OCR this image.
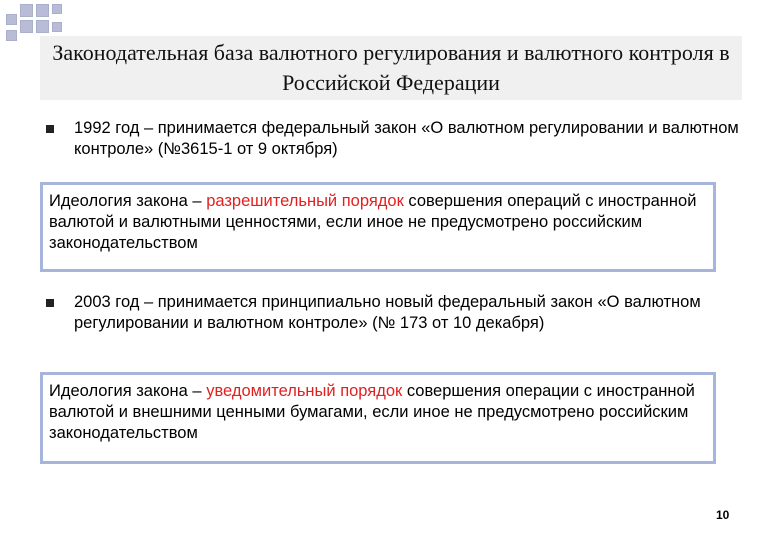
Законодательная база валютного регулирования и валютного контроля в Российской Федерации
1992 год – принимается федеральный закон «О валютном регулировании и валютном контроле» (№3615-1 от 9 октября)
Идеология закона – разрешительный порядок совершения операций с иностранной валютой и валютными ценностями, если иное не предусмотрено российским законодательством
2003 год – принимается принципиально новый федеральный закон «О валютном регулировании и валютном контроле» (№ 173 от 10 декабря)
Идеология закона – уведомительный порядок совершения операции с иностранной валютой и внешними ценными бумагами, если иное не предусмотрено российским законодательством
10
